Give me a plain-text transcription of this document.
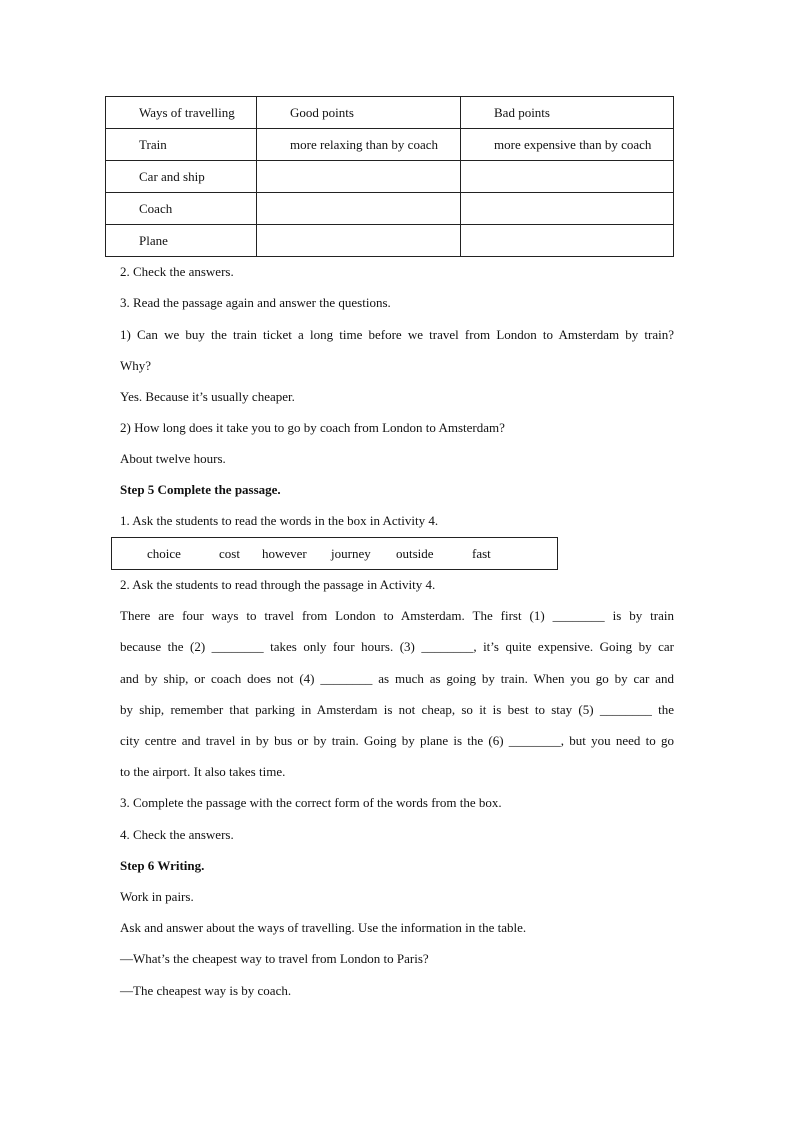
Ways of travelling	Good points	Bad points
Train	more relaxing than by coach	more expensive than by coach
Car and ship		
Coach		
Plane		
2. Check the answers.
3. Read the passage again and answer the questions.
1) Can we buy the train ticket a long time before we travel from London to Amsterdam by train?
Why?
Yes. Because it’s usually cheaper.
2) How long does it take you to go by coach from London to Amsterdam?
About twelve hours.
Step 5 Complete the passage.
1. Ask the students to read the words in the box in Activity 4.
choice	cost however journey outside	fast
2. Ask the students to read through the passage in Activity 4.
There are four ways to travel from London to Amsterdam. The first (1) ________ is by train
because the (2) ________ takes only four hours. (3) ________, it’s quite expensive. Going by car
and by ship, or coach does not (4) ________ as much as going by train. When you go by car and
by ship, remember that parking in Amsterdam is not cheap, so it is best to stay (5) ________ the
city centre and travel in by bus or by train. Going by plane is the (6) ________, but you need to go
to the airport. It also takes time.
3. Complete the passage with the correct form of the words from the box.
4. Check the answers.
Step 6 Writing.
Work in pairs.
Ask and answer about the ways of travelling. Use the information in the table.
—What’s the cheapest way to travel from London to Paris?
—The cheapest way is by coach.
